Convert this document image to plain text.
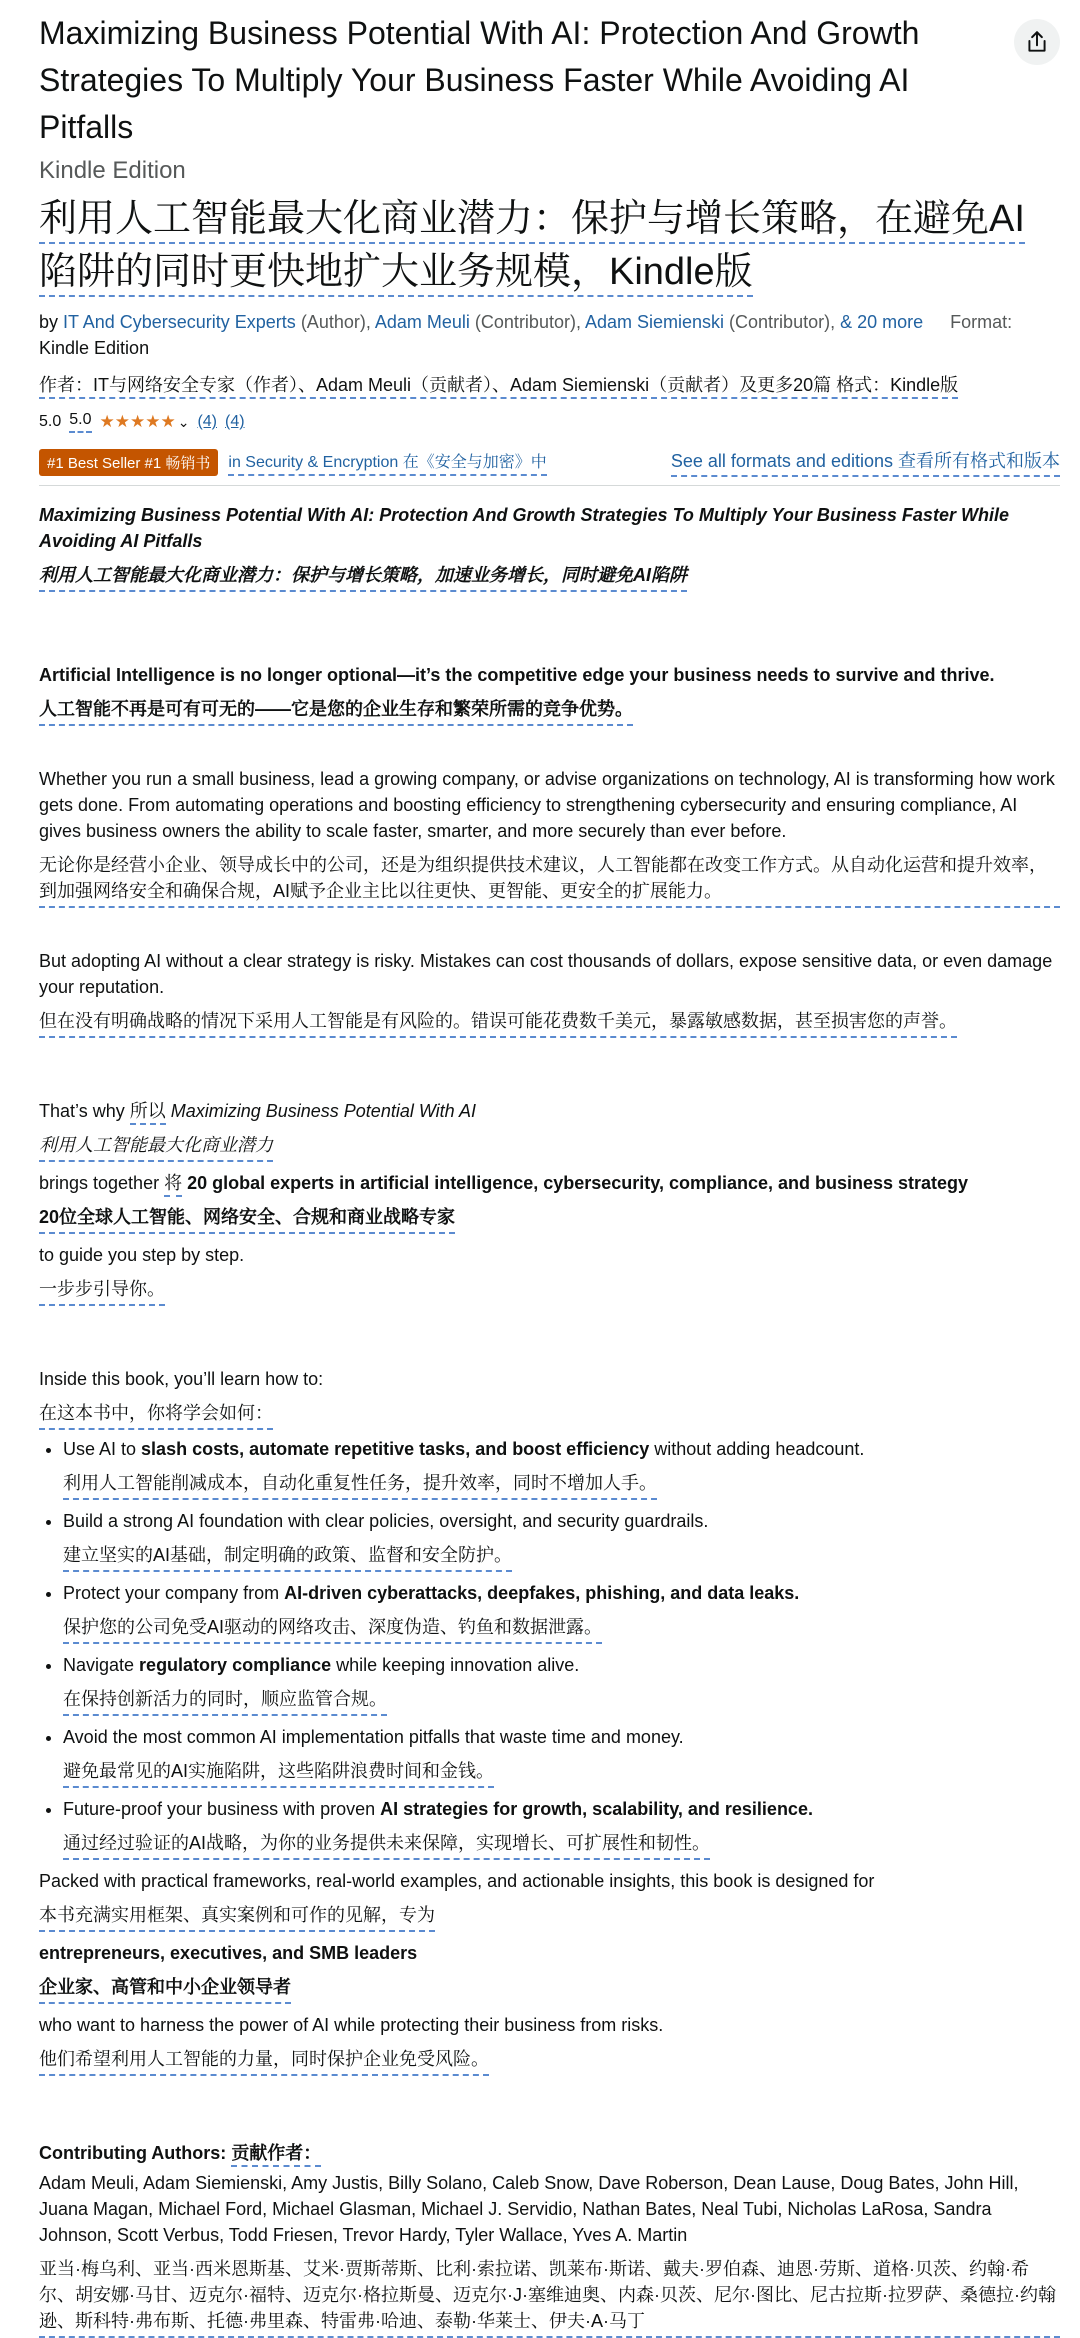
Maximizing Business Potential With AI: Protection And Growth Strategies To Multiply Your Business Faster While Avoiding AI Pitfalls
Kindle Edition
利用人工智能最大化商业潜力：保护与增长策略，在避免AI陷阱的同时更快地扩大业务规模，Kindle版
by IT And Cybersecurity Experts (Author), Adam Meuli (Contributor), Adam Siemienski (Contributor), & 20 more Format: Kindle Edition
作者：IT与网络安全专家（作者）、Adam Meuli（贡献者）、Adam Siemienski（贡献者）及更多20篇 格式：Kindle版
5.0 5.0 ★★★★★ ⌄ (4) (4)
#1 Best Seller #1 畅销书	in Security & Encryption 在《安全与加密》中	See all formats and editions 查看所有格式和版本

Maximizing Business Potential With AI: Protection And Growth Strategies To Multiply Your Business Faster While Avoiding AI Pitfalls

利用人工智能最大化商业潜力：保护与增长策略，加速业务增长，同时避免AI陷阱

Artificial Intelligence is no longer optional—it’s the competitive edge your business needs to survive and thrive.

人工智能不再是可有可无的——它是您的企业生存和繁荣所需的竞争优势。

Whether you run a small business, lead a growing company, or advise organizations on technology, AI is transforming how work gets done. From automating operations and boosting efficiency to strengthening cybersecurity and ensuring compliance, AI gives business owners the ability to scale faster, smarter, and more securely than ever before.

无论你是经营小企业、领导成长中的公司，还是为组织提供技术建议，人工智能都在改变工作方式。从自动化运营和提升效率，到加强网络安全和确保合规，AI赋予企业主比以往更快、更智能、更安全的扩展能力。

But adopting AI without a clear strategy is risky. Mistakes can cost thousands of dollars, expose sensitive data, or even damage your reputation.

但在没有明确战略的情况下采用人工智能是有风险的。错误可能花费数千美元，暴露敏感数据，甚至损害您的声誉。

That’s why 所以 Maximizing Business Potential With AI

利用人工智能最大化商业潜力

brings together 将 20 global experts in artificial intelligence, cybersecurity, compliance, and business strategy

20位全球人工智能、网络安全、合规和商业战略专家

to guide you step by step.

一步步引导你。

Inside this book, you’ll learn how to:

在这本书中，你将学会如何：
• Use AI to slash costs, automate repetitive tasks, and boost efficiency without adding headcount.
利用人工智能削减成本，自动化重复性任务，提升效率，同时不增加人手。
• Build a strong AI foundation with clear policies, oversight, and security guardrails.
建立坚实的AI基础，制定明确的政策、监督和安全防护。
• Protect your company from AI-driven cyberattacks, deepfakes, phishing, and data leaks.
保护您的公司免受AI驱动的网络攻击、深度伪造、钓鱼和数据泄露。
• Navigate regulatory compliance while keeping innovation alive.
在保持创新活力的同时，顺应监管合规。
• Avoid the most common AI implementation pitfalls that waste time and money.
避免最常见的AI实施陷阱，这些陷阱浪费时间和金钱。
• Future-proof your business with proven AI strategies for growth, scalability, and resilience.
通过经过验证的AI战略，为你的业务提供未来保障，实现增长、可扩展性和韧性。

Packed with practical frameworks, real-world examples, and actionable insights, this book is designed for

本书充满实用框架、真实案例和可作的见解，专为

entrepreneurs, executives, and SMB leaders

企业家、高管和中小企业领导者

who want to harness the power of AI while protecting their business from risks.

他们希望利用人工智能的力量，同时保护企业免受风险。

Contributing Authors: 贡献作者：

Adam Meuli, Adam Siemienski, Amy Justis, Billy Solano, Caleb Snow, Dave Roberson, Dean Lause, Doug Bates, John Hill, Juana Magan, Michael Ford, Michael Glasman, Michael J. Servidio, Nathan Bates, Neal Tubi, Nicholas LaRosa, Sandra Johnson, Scott Verbus, Todd Friesen, Trevor Hardy, Tyler Wallace, Yves A. Martin

亚当·梅乌利、亚当·西米恩斯基、艾米·贾斯蒂斯、比利·索拉诺、凯莱布·斯诺、戴夫·罗伯森、迪恩·劳斯、道格·贝茨、约翰·希尔、胡安娜·马甘、迈克尔·福特、迈克尔·格拉斯曼、迈克尔·J·塞维迪奥、内森·贝茨、尼尔·图比、尼古拉斯·拉罗萨、桑德拉·约翰逊、斯科特·弗布斯、托德·弗里森、特雷弗·哈迪、泰勒·华莱士、伊夫·A·马丁
